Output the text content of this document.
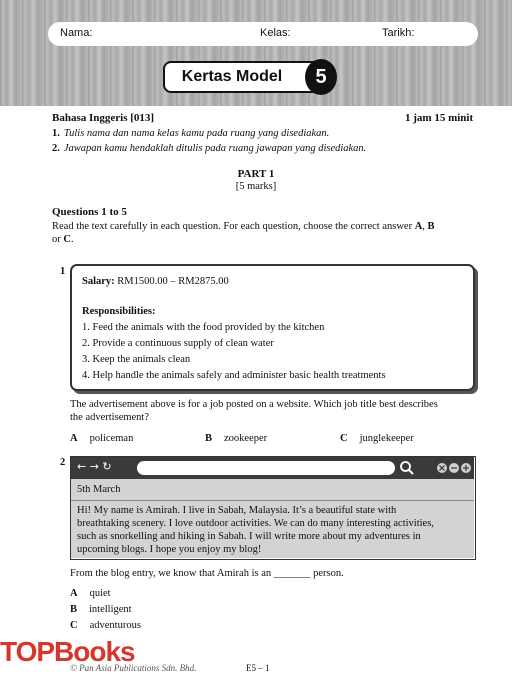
Nama:	Kelas:	Tarikh:
Kertas Model	5
Bahasa Inggeris [013]	1 jam 15 minit
1. Tulis nama dan nama kelas kamu pada ruang yang disediakan.
2. Jawapan kamu hendaklah ditulis pada ruang jawapan yang disediakan.
PART 1
[5 marks]
Questions 1 to 5
Read the text carefully in each question. For each question, choose the correct answer A, B
or C.
1
Salary: RM1500.00 – RM2875.00
Responsibilities:
1. Feed the animals with the food provided by the kitchen
2. Provide a continuous supply of clean water
3. Keep the animals clean
4. Help handle the animals safely and administer basic health treatments
The advertisement above is for a job posted on a website. Which job title best describes
the advertisement?
A policeman	B zookeeper	C junglekeeper
2 ← → ↻
5th March
Hi! My name is Amirah. I live in Sabah, Malaysia. It’s a beautiful state with
breathtaking scenery. I love outdoor activities. We can do many interesting activities,
such as snorkelling and hiking in Sabah. I will write more about my adventures in
upcoming blogs. I hope you enjoy my blog!
From the blog entry, we know that Amirah is an _______ person.
A quiet
B intelligent
C adventurous
TOPBooks
© Pan Asia Publications Sdn. Bhd.	E5 – 1
